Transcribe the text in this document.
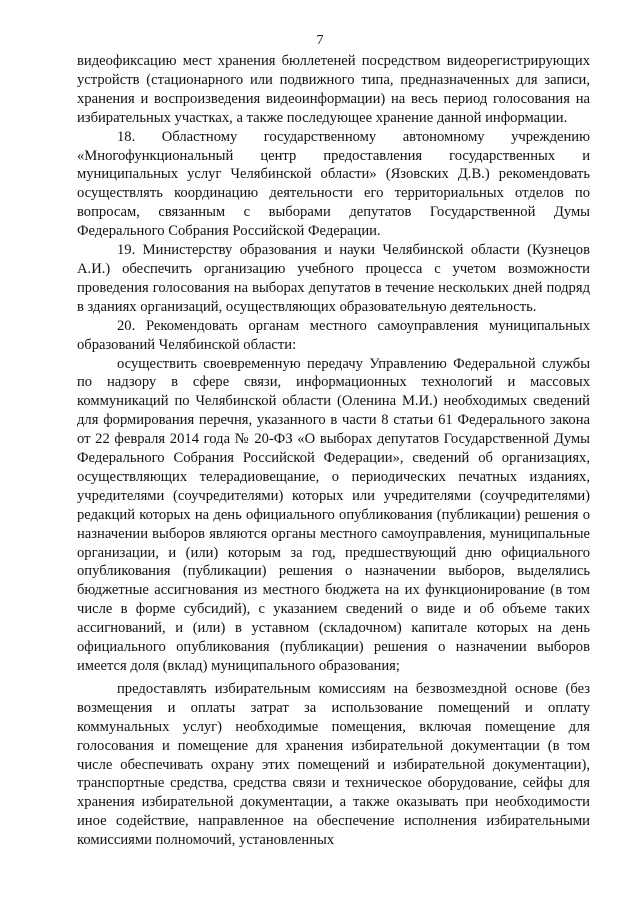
7

видеофиксацию мест хранения бюллетеней посредством видеорегистрирующих устройств (стационарного или подвижного типа, предназначенных для записи, хранения и воспроизведения видеоинформации) на весь период голосования на избирательных участках, а также последующее хранение данной информации.

18. Областному государственному автономному учреждению «Многофункциональный центр предоставления государственных и муниципальных услуг Челябинской области» (Язовских Д.В.) рекомендовать осуществлять координацию деятельности его территориальных отделов по вопросам, связанным с выборами депутатов Государственной Думы Федерального Собрания Российской Федерации.

19. Министерству образования и науки Челябинской области (Кузнецов А.И.) обеспечить организацию учебного процесса с учетом возможности проведения голосования на выборах депутатов в течение нескольких дней подряд в зданиях организаций, осуществляющих образовательную деятельность.

20. Рекомендовать органам местного самоуправления муниципальных образований Челябинской области:

осуществить своевременную передачу Управлению Федеральной службы по надзору в сфере связи, информационных технологий и массовых коммуникаций по Челябинской области (Оленина М.И.) необходимых сведений для формирования перечня, указанного в части 8 статьи 61 Федерального закона от 22 февраля 2014 года № 20-ФЗ «О выборах депутатов Государственной Думы Федерального Собрания Российской Федерации», сведений об организациях, осуществляющих телерадиовещание, о периодических печатных изданиях, учредителями (соучредителями) которых или учредителями (соучредителями) редакций которых на день официального опубликования (публикации) решения о назначении выборов являются органы местного самоуправления, муниципальные организации, и (или) которым за год, предшествующий дню официального опубликования (публикации) решения о назначении выборов, выделялись бюджетные ассигнования из местного бюджета на их функционирование (в том числе в форме субсидий), с указанием сведений о виде и об объеме таких ассигнований, и (или) в уставном (складочном) капитале которых на день официального опубликования (публикации) решения о назначении выборов имеется доля (вклад) муниципального образования;

предоставлять избирательным комиссиям на безвозмездной основе (без возмещения и оплаты затрат за использование помещений и оплату коммунальных услуг) необходимые помещения, включая помещение для голосования и помещение для хранения избирательной документации (в том числе обеспечивать охрану этих помещений и избирательной документации), транспортные средства, средства связи и техническое оборудование, сейфы для хранения избирательной документации, а также оказывать при необходимости иное содействие, направленное на обеспечение исполнения избирательными комиссиями полномочий, установленных
